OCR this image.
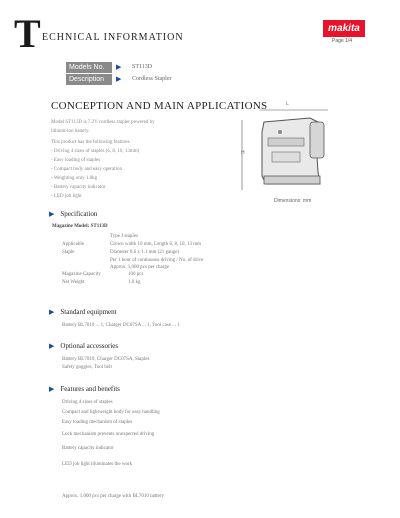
T ECHNICAL INFORMATION
makita
Page 1/4
Models No.	▶ ST113D
Description	▶ Cordless Stapler
CONCEPTION AND MAIN APPLICATIONS
Model ST113D is 7.2V cordless stapler powered by
lithium-ion battery.
This product has the following features.
- Driving 4 sizes of staples (6, 8, 10, 13mm)
- Easy loading of staples
- Compact body and easy operation
- Weighting only 1.0kg
- Battery capacity indicator
- LED job light
L
H
Dimensions: mm
▶ Specification
Magazine Model: ST113D
Type J staples
Applicable	Crown width 10 mm, Length 6, 8, 10, 13 mm
Staple	Diameter 0.6 x 1.1 mm (21 gauge)
Per 1 hour of continuous driving / No. of drive
Approx. 1,000 pcs per charge
Magazine Capacity	100 pcs
Net Weight	1.0 kg
▶ Standard equipment
Battery BL7010 ... 1, Charger DC07SA ... 1, Tool case ... 1
▶ Optional accessories
Battery BL7010, Charger DC07SA, Staples
Safety goggles, Tool belt
▶ Features and benefits
Driving 4 sizes of staples
Compact and lightweight body for easy handling
Easy loading mechanism of staples
Lock mechanism prevents unexpected driving
Battery capacity indicator
LED job light illuminates the work
Approx. 1,000 pcs per charge with BL7010 battery
